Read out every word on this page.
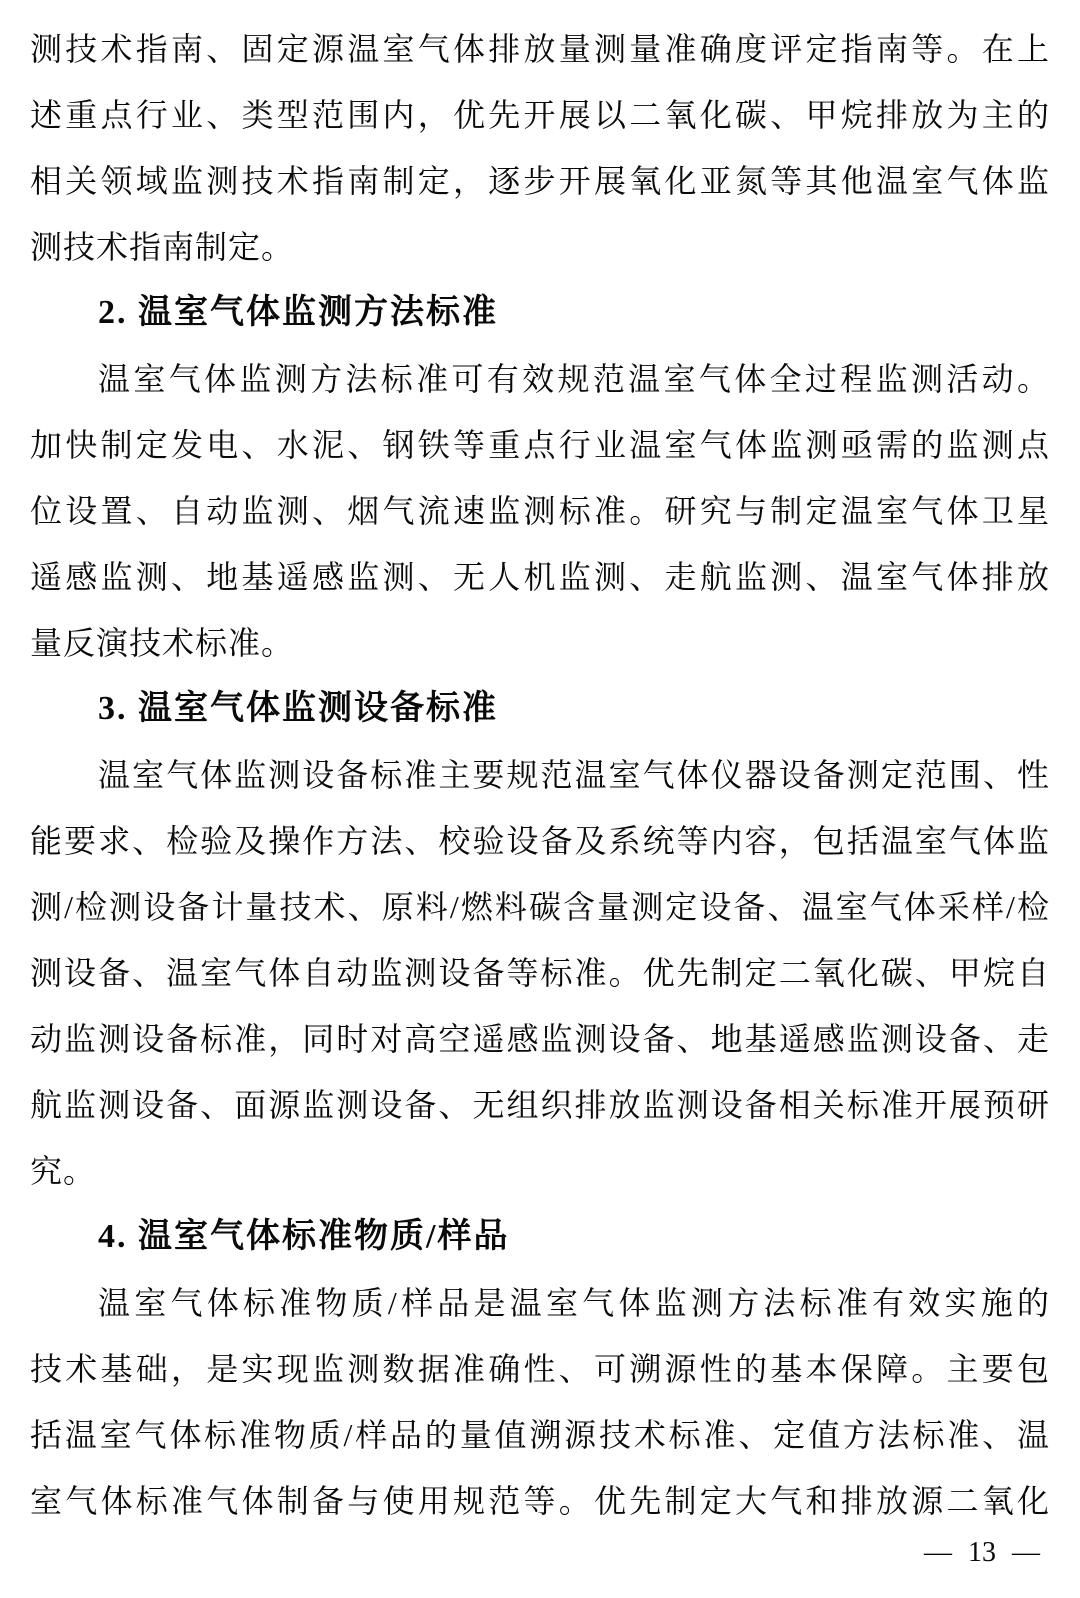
测技术指南、固定源温室气体排放量测量准确度评定指南等。在上
述重点行业、类型范围内，优先开展以二氧化碳、甲烷排放为主的
相关领域监测技术指南制定，逐步开展氧化亚氮等其他温室气体监
测技术指南制定。
2. 温室气体监测方法标准
温室气体监测方法标准可有效规范温室气体全过程监测活动。
加快制定发电、水泥、钢铁等重点行业温室气体监测亟需的监测点
位设置、自动监测、烟气流速监测标准。研究与制定温室气体卫星
遥感监测、地基遥感监测、无人机监测、走航监测、温室气体排放
量反演技术标准。
3. 温室气体监测设备标准
温室气体监测设备标准主要规范温室气体仪器设备测定范围、性
能要求、检验及操作方法、校验设备及系统等内容，包括温室气体监
测/检测设备计量技术、原料/燃料碳含量测定设备、温室气体采样/检
测设备、温室气体自动监测设备等标准。优先制定二氧化碳、甲烷自
动监测设备标准，同时对高空遥感监测设备、地基遥感监测设备、走
航监测设备、面源监测设备、无组织排放监测设备相关标准开展预研
究。
4. 温室气体标准物质/样品
温室气体标准物质/样品是温室气体监测方法标准有效实施的
技术基础，是实现监测数据准确性、可溯源性的基本保障。主要包
括温室气体标准物质/样品的量值溯源技术标准、定值方法标准、温
室气体标准气体制备与使用规范等。优先制定大气和排放源二氧化
— 13 —
